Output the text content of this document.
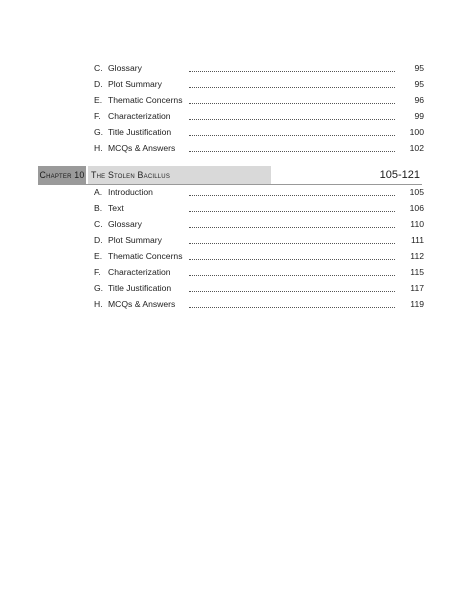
C. Glossary	95
D. Plot Summary	95
E. Thematic Concerns	96
F. Characterization	99
G. Title Justification	100
H. MCQs & Answers	102
Chapter 10 The Stolen Bacillus	105-121
A. Introduction	105
B. Text	106
C. Glossary	110
D. Plot Summary	111
E. Thematic Concerns	112
F. Characterization	115
G. Title Justification	117
H. MCQs & Answers	119
